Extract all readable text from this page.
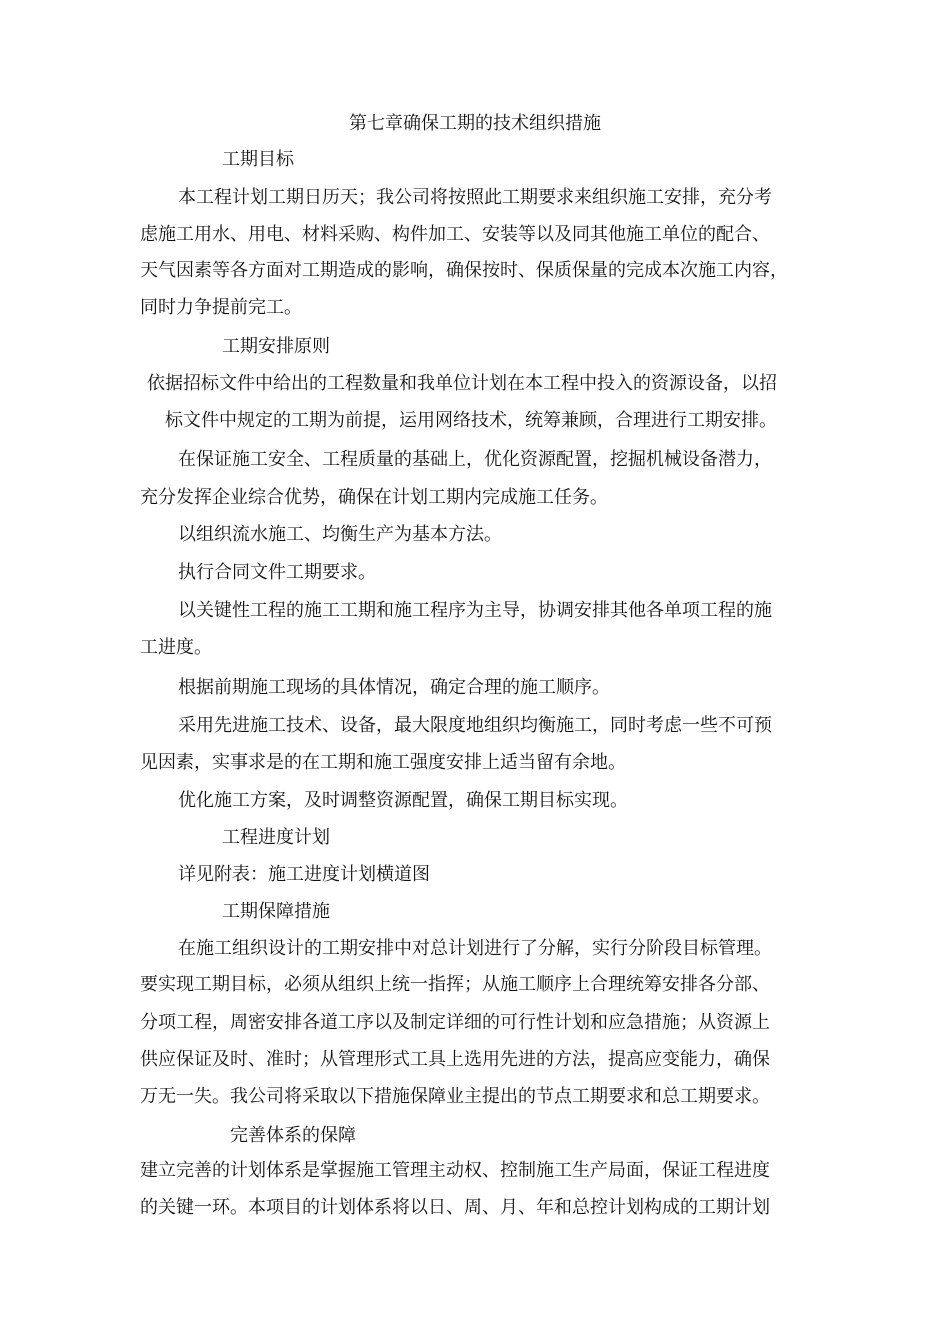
第七章确保工期的技术组织措施
工期目标
本工程计划工期日历天；我公司将按照此工期要求来组织施工安排，充分考
虑施工用水、用电、材料采购、构件加工、安装等以及同其他施工单位的配合、
天气因素等各方面对工期造成的影响，确保按时、保质保量的完成本次施工内容，
同时力争提前完工。
工期安排原则
依据招标文件中给出的工程数量和我单位计划在本工程中投入的资源设备，以招
标文件中规定的工期为前提，运用网络技术，统筹兼顾，合理进行工期安排。
在保证施工安全、工程质量的基础上，优化资源配置，挖掘机械设备潜力，
充分发挥企业综合优势，确保在计划工期内完成施工任务。
以组织流水施工、均衡生产为基本方法。
执行合同文件工期要求。
以关键性工程的施工工期和施工程序为主导，协调安排其他各单项工程的施
工进度。
根据前期施工现场的具体情况，确定合理的施工顺序。
采用先进施工技术、设备，最大限度地组织均衡施工，同时考虑一些不可预
见因素，实事求是的在工期和施工强度安排上适当留有余地。
优化施工方案，及时调整资源配置，确保工期目标实现。
工程进度计划
详见附表：施工进度计划横道图
工期保障措施
在施工组织设计的工期安排中对总计划进行了分解，实行分阶段目标管理。
要实现工期目标，必须从组织上统一指挥；从施工顺序上合理统筹安排各分部、
分项工程，周密安排各道工序以及制定详细的可行性计划和应急措施；从资源上
供应保证及时、准时；从管理形式工具上选用先进的方法，提高应变能力，确保
万无一失。我公司将采取以下措施保障业主提出的节点工期要求和总工期要求。
完善体系的保障
建立完善的计划体系是掌握施工管理主动权、控制施工生产局面，保证工程进度
的关键一环。本项目的计划体系将以日、周、月、年和总控计划构成的工期计划
